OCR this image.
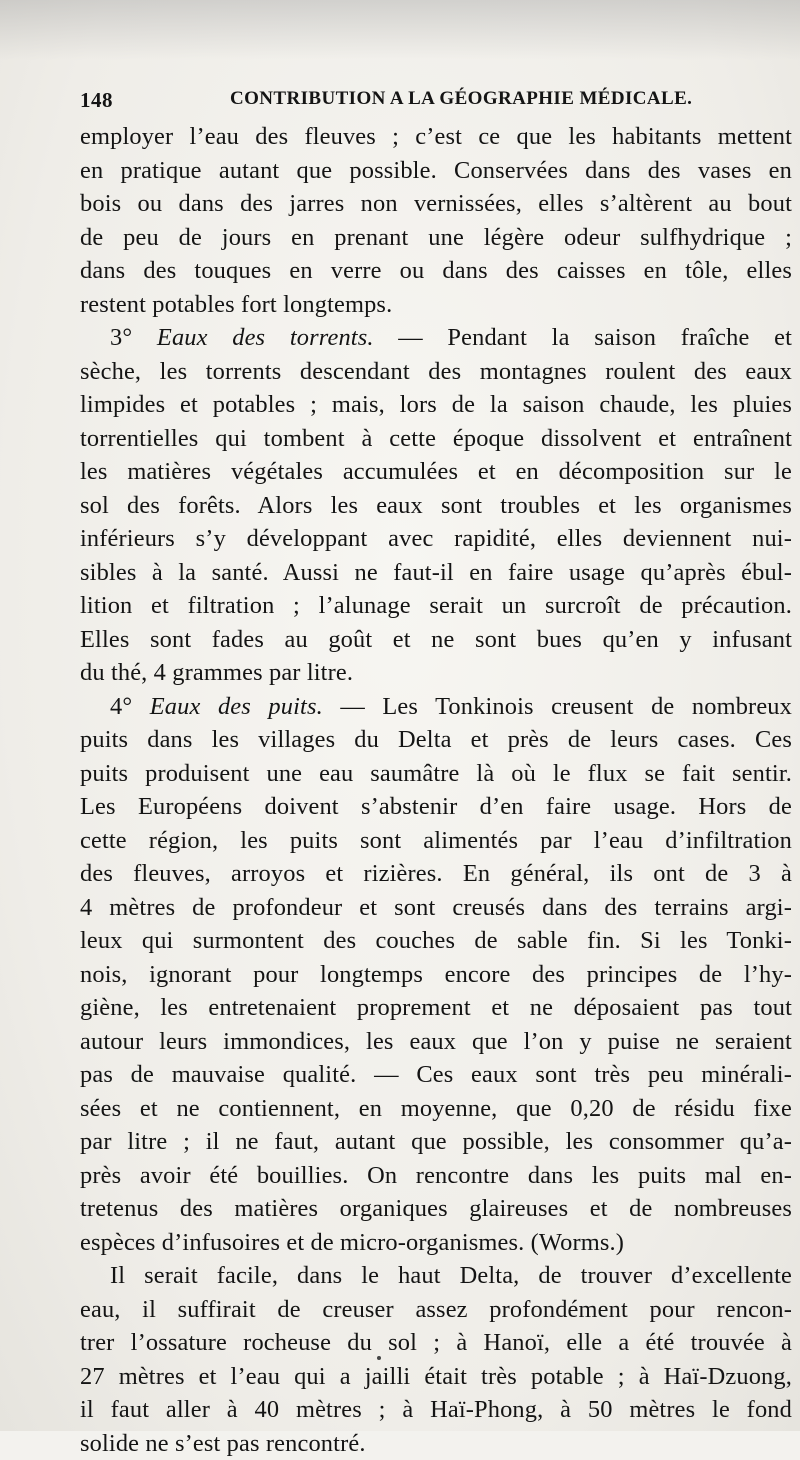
148	CONTRIBUTION A LA GÉOGRAPHIE MÉDICALE.
employer l’eau des fleuves ; c’est ce que les habitants mettent
en pratique autant que possible. Conservées dans des vases en
bois ou dans des jarres non vernissées, elles s’altèrent au bout
de peu de jours en prenant une légère odeur sulfhydrique ;
dans des touques en verre ou dans des caisses en tôle, elles
restent potables fort longtemps.
3° Eaux des torrents. — Pendant la saison fraîche et
sèche, les torrents descendant des montagnes roulent des eaux
limpides et potables ; mais, lors de la saison chaude, les pluies
torrentielles qui tombent à cette époque dissolvent et entraînent
les matières végétales accumulées et en décomposition sur le
sol des forêts. Alors les eaux sont troubles et les organismes
inférieurs s’y développant avec rapidité, elles deviennent nui-
sibles à la santé. Aussi ne faut-il en faire usage qu’après ébul-
lition et filtration ; l’alunage serait un surcroît de précaution.
Elles sont fades au goût et ne sont bues qu’en y infusant
du thé, 4 grammes par litre.
4° Eaux des puits. — Les Tonkinois creusent de nombreux
puits dans les villages du Delta et près de leurs cases. Ces
puits produisent une eau saumâtre là où le flux se fait sentir.
Les Européens doivent s’abstenir d’en faire usage. Hors de
cette région, les puits sont alimentés par l’eau d’infiltration
des fleuves, arroyos et rizières. En général, ils ont de 3 à
4 mètres de profondeur et sont creusés dans des terrains argi-
leux qui surmontent des couches de sable fin. Si les Tonki-
nois, ignorant pour longtemps encore des principes de l’hy-
giène, les entretenaient proprement et ne déposaient pas tout
autour leurs immondices, les eaux que l’on y puise ne seraient
pas de mauvaise qualité. — Ces eaux sont très peu minérali-
sées et ne contiennent, en moyenne, que 0,20 de résidu fixe
par litre ; il ne faut, autant que possible, les consommer qu’a-
près avoir été bouillies. On rencontre dans les puits mal en-
tretenus des matières organiques glaireuses et de nombreuses
espèces d’infusoires et de micro-organismes. (Worms.)
Il serait facile, dans le haut Delta, de trouver d’excellente
eau, il suffirait de creuser assez profondément pour rencon-
trer l’ossature rocheuse du sol ; à Hanoï, elle a été trouvée à
27 mètres et l’eau qui a jailli était très potable ; à Haï-Dzuong,
il faut aller à 40 mètres ; à Haï-Phong, à 50 mètres le fond
solide ne s’est pas rencontré.
